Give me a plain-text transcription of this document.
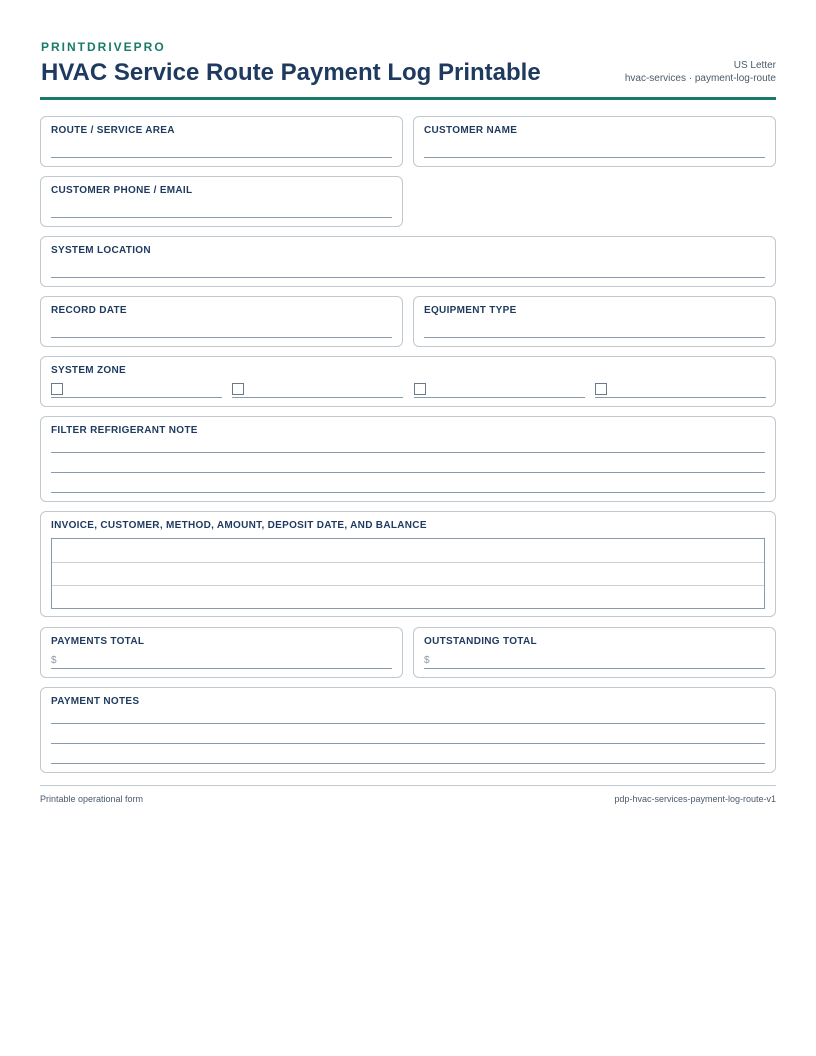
PRINTDRIVEPRO
HVAC Service Route Payment Log Printable	US Letter
hvac-services · payment-log-route
ROUTE / SERVICE AREA	CUSTOMER NAME
CUSTOMER PHONE / EMAIL
SYSTEM LOCATION
RECORD DATE	EQUIPMENT TYPE
SYSTEM ZONE
FILTER REFRIGERANT NOTE
INVOICE, CUSTOMER, METHOD, AMOUNT, DEPOSIT DATE, AND BALANCE
PAYMENTS TOTAL
$
OUTSTANDING TOTAL
$
PAYMENT NOTES
Printable operational form	pdp-hvac-services-payment-log-route-v1
